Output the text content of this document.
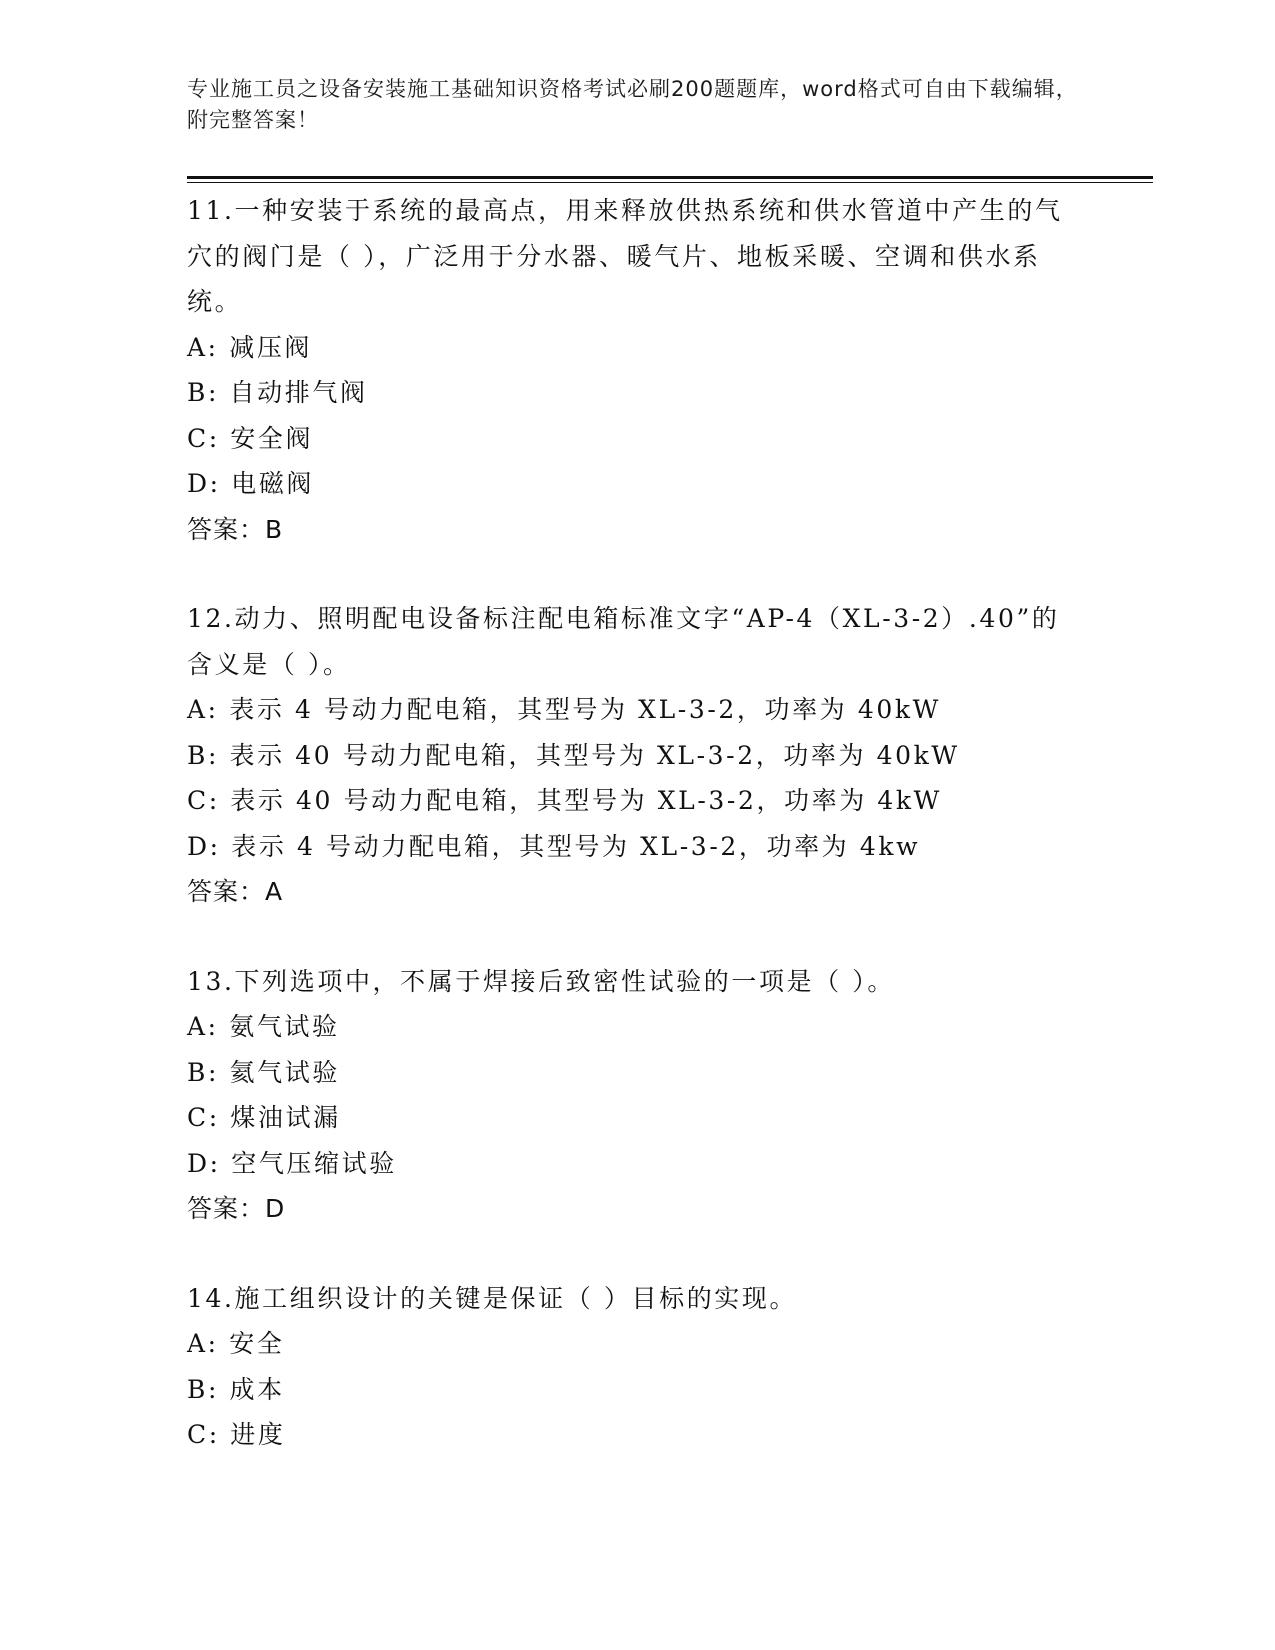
专业施工员之设备安装施工基础知识资格考试必刷200题题库，word格式可自由下载编辑，附完整答案！
11.一种安装于系统的最高点，用来释放供热系统和供水管道中产生的气穴的阀门是（ ），广泛用于分水器、暖气片、地板采暖、空调和供水系统。
A: 减压阀
B: 自动排气阀
C: 安全阀
D: 电磁阀
答案：B
12.动力、照明配电设备标注配电箱标准文字“AP-4（XL-3-2）.40”的含义是（ ）。
A: 表示 4 号动力配电箱，其型号为 XL-3-2，功率为 40kW
B: 表示 40 号动力配电箱，其型号为 XL-3-2，功率为 40kW
C: 表示 40 号动力配电箱，其型号为 XL-3-2，功率为 4kW
D: 表示 4 号动力配电箱，其型号为 XL-3-2，功率为 4kw
答案：A
13.下列选项中，不属于焊接后致密性试验的一项是（ ）。
A: 氨气试验
B: 氦气试验
C: 煤油试漏
D: 空气压缩试验
答案：D
14.施工组织设计的关键是保证（ ）目标的实现。
A: 安全
B: 成本
C: 进度
